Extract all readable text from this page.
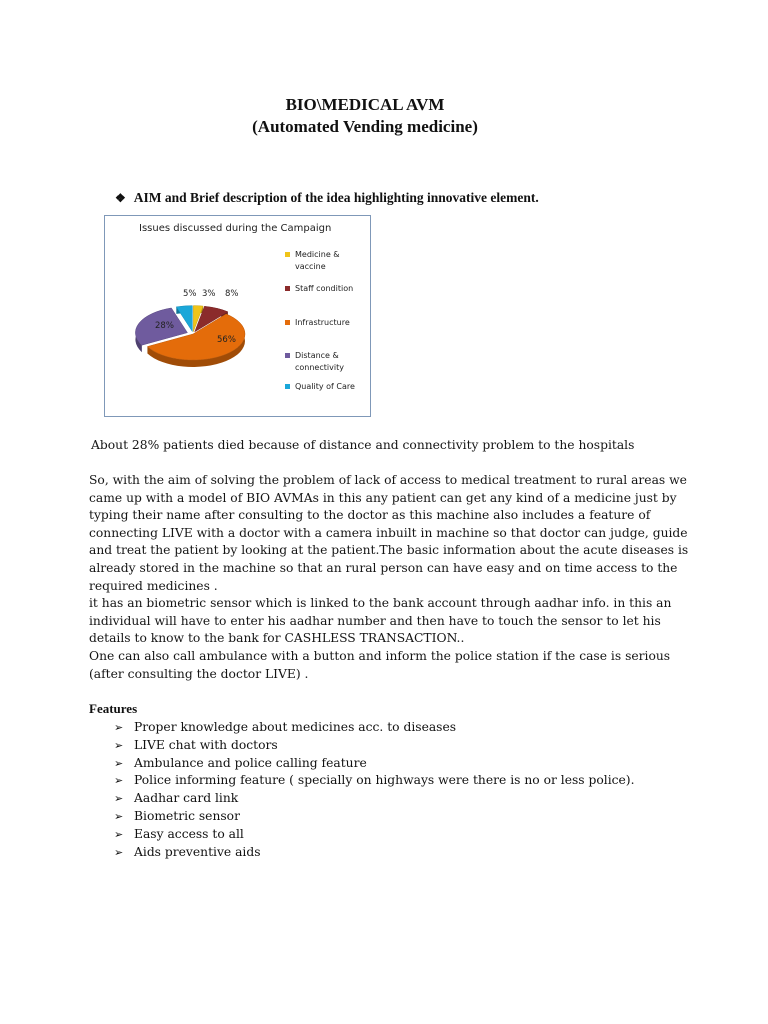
BIO\MEDICAL AVM
(Automated Vending medicine)
❖ AIM and Brief description of the idea highlighting innovative element.
Issues discussed during the Campaign
3% 8%
56%
28%
5%
Medicine & vaccine
Staff condition
Infrastructure
Distance & connectivity
Quality of Care
About 28% patients died because of distance and connectivity problem to the hospitals
So, with the aim of solving the problem of lack of access to medical treatment to rural areas we
came up with a model of BIO AVMAs in this any patient can get any kind of a medicine just by
typing their name after consulting to the doctor as this machine also includes a feature of
connecting LIVE with a doctor with a camera inbuilt in machine so that doctor can judge, guide
and treat the patient by looking at the patient.The basic information about the acute diseases is
already stored in the machine so that an rural person can have easy and on time access to the
required medicines .
it has an biometric sensor which is linked to the bank account through aadhar info. in this an
individual will have to enter his aadhar number and then have to touch the sensor to let his
details to know to the bank for CASHLESS TRANSACTION..
One can also call ambulance with a button and inform the police station if the case is serious
(after consulting the doctor LIVE) .
Features
➢ Proper knowledge about medicines acc. to diseases
➢ LIVE chat with doctors
➢ Ambulance and police calling feature
➢ Police informing feature ( specially on highways were there is no or less police).
➢ Aadhar card link
➢ Biometric sensor
➢ Easy access to all
➢ Aids preventive aids
